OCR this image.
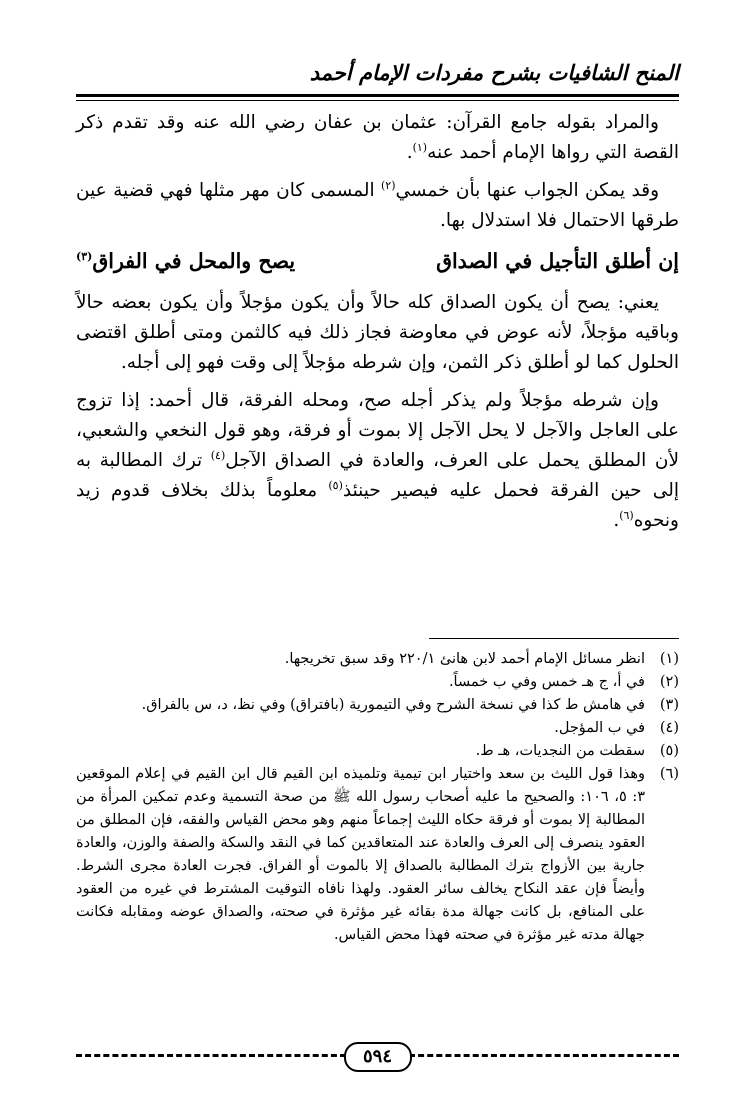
المنح الشافيات بشرح مفردات الإمام أحمد

والمراد بقوله جامع القرآن: عثمان بن عفان رضي الله عنه وقد تقدم ذكر القصة التي رواها الإمام أحمد عنه$^{(١)}$.

وقد يمكن الجواب عنها بأن خمسي$^{(٢)}$ المسمى كان مهر مثلها فهي قضية عين طرقها الاحتمال فلا استدلال بها.

إن أطلق التأجيل في الصداق
يصح والمحل في الفراق$^{(٣)}$

يعني: يصح أن يكون الصداق كله حالاً وأن يكون مؤجلاً وأن يكون بعضه حالاً وباقيه مؤجلاً، لأنه عوض في معاوضة فجاز ذلك فيه كالثمن ومتى أطلق اقتضى الحلول كما لو أطلق ذكر الثمن، وإن شرطه مؤجلاً إلى وقت فهو إلى أجله.

وإن شرطه مؤجلاً ولم يذكر أجله صح، ومحله الفرقة، قال أحمد: إذا تزوج على العاجل والآجل لا يحل الآجل إلا بموت أو فرقة، وهو قول النخعي والشعبي، لأن المطلق يحمل على العرف، والعادة في الصداق الآجل$^{(٤)}$ ترك المطالبة به إلى حين الفرقة فحمل عليه فيصير حينئذ$^{(٥)}$ معلوماً بذلك بخلاف قدوم زيد ونحوه$^{(٦)}$.

(١)
انظر مسائل الإمام أحمد لابن هانئ ٢٢٠/١ وقد سبق تخريجها.
(٢)
في أ، ج هـ خمس وفي ب خمساً.
(٣)
في هامش ط كذا في نسخة الشرح وفي التيمورية (بافتراق) وفي نظ، د، س بالفراق.
(٤)
في ب المؤجل.
(٥)
سقطت من النجديات، هـ ط.
(٦)
وهذا قول الليث بن سعد واختيار ابن تيمية وتلميذه ابن القيم قال ابن القيم في إعلام الموقعين ٣: ٥، ١٠٦: والصحيح ما عليه أصحاب رسول الله ﷺ من صحة التسمية وعدم تمكين المرأة من المطالبة إلا بموت أو فرقة حكاه الليث إجماعاً منهم وهو محض القياس والفقه، فإن المطلق من العقود ينصرف إلى العرف والعادة عند المتعاقدين كما في النقد والسكة والصفة والوزن، والعادة جارية بين الأزواج بترك المطالبة بالصداق إلا بالموت أو الفراق. فجرت العادة مجرى الشرط. وأيضاً فإن عقد النكاح يخالف سائر العقود. ولهذا نافاه التوقيت المشترط في غيره من العقود على المنافع، بل كانت جهالة مدة بقائه غير مؤثرة في صحته، والصداق عوضه ومقابله فكانت جهالة مدته غير مؤثرة في صحته فهذا محض القياس.
٥٩٤
